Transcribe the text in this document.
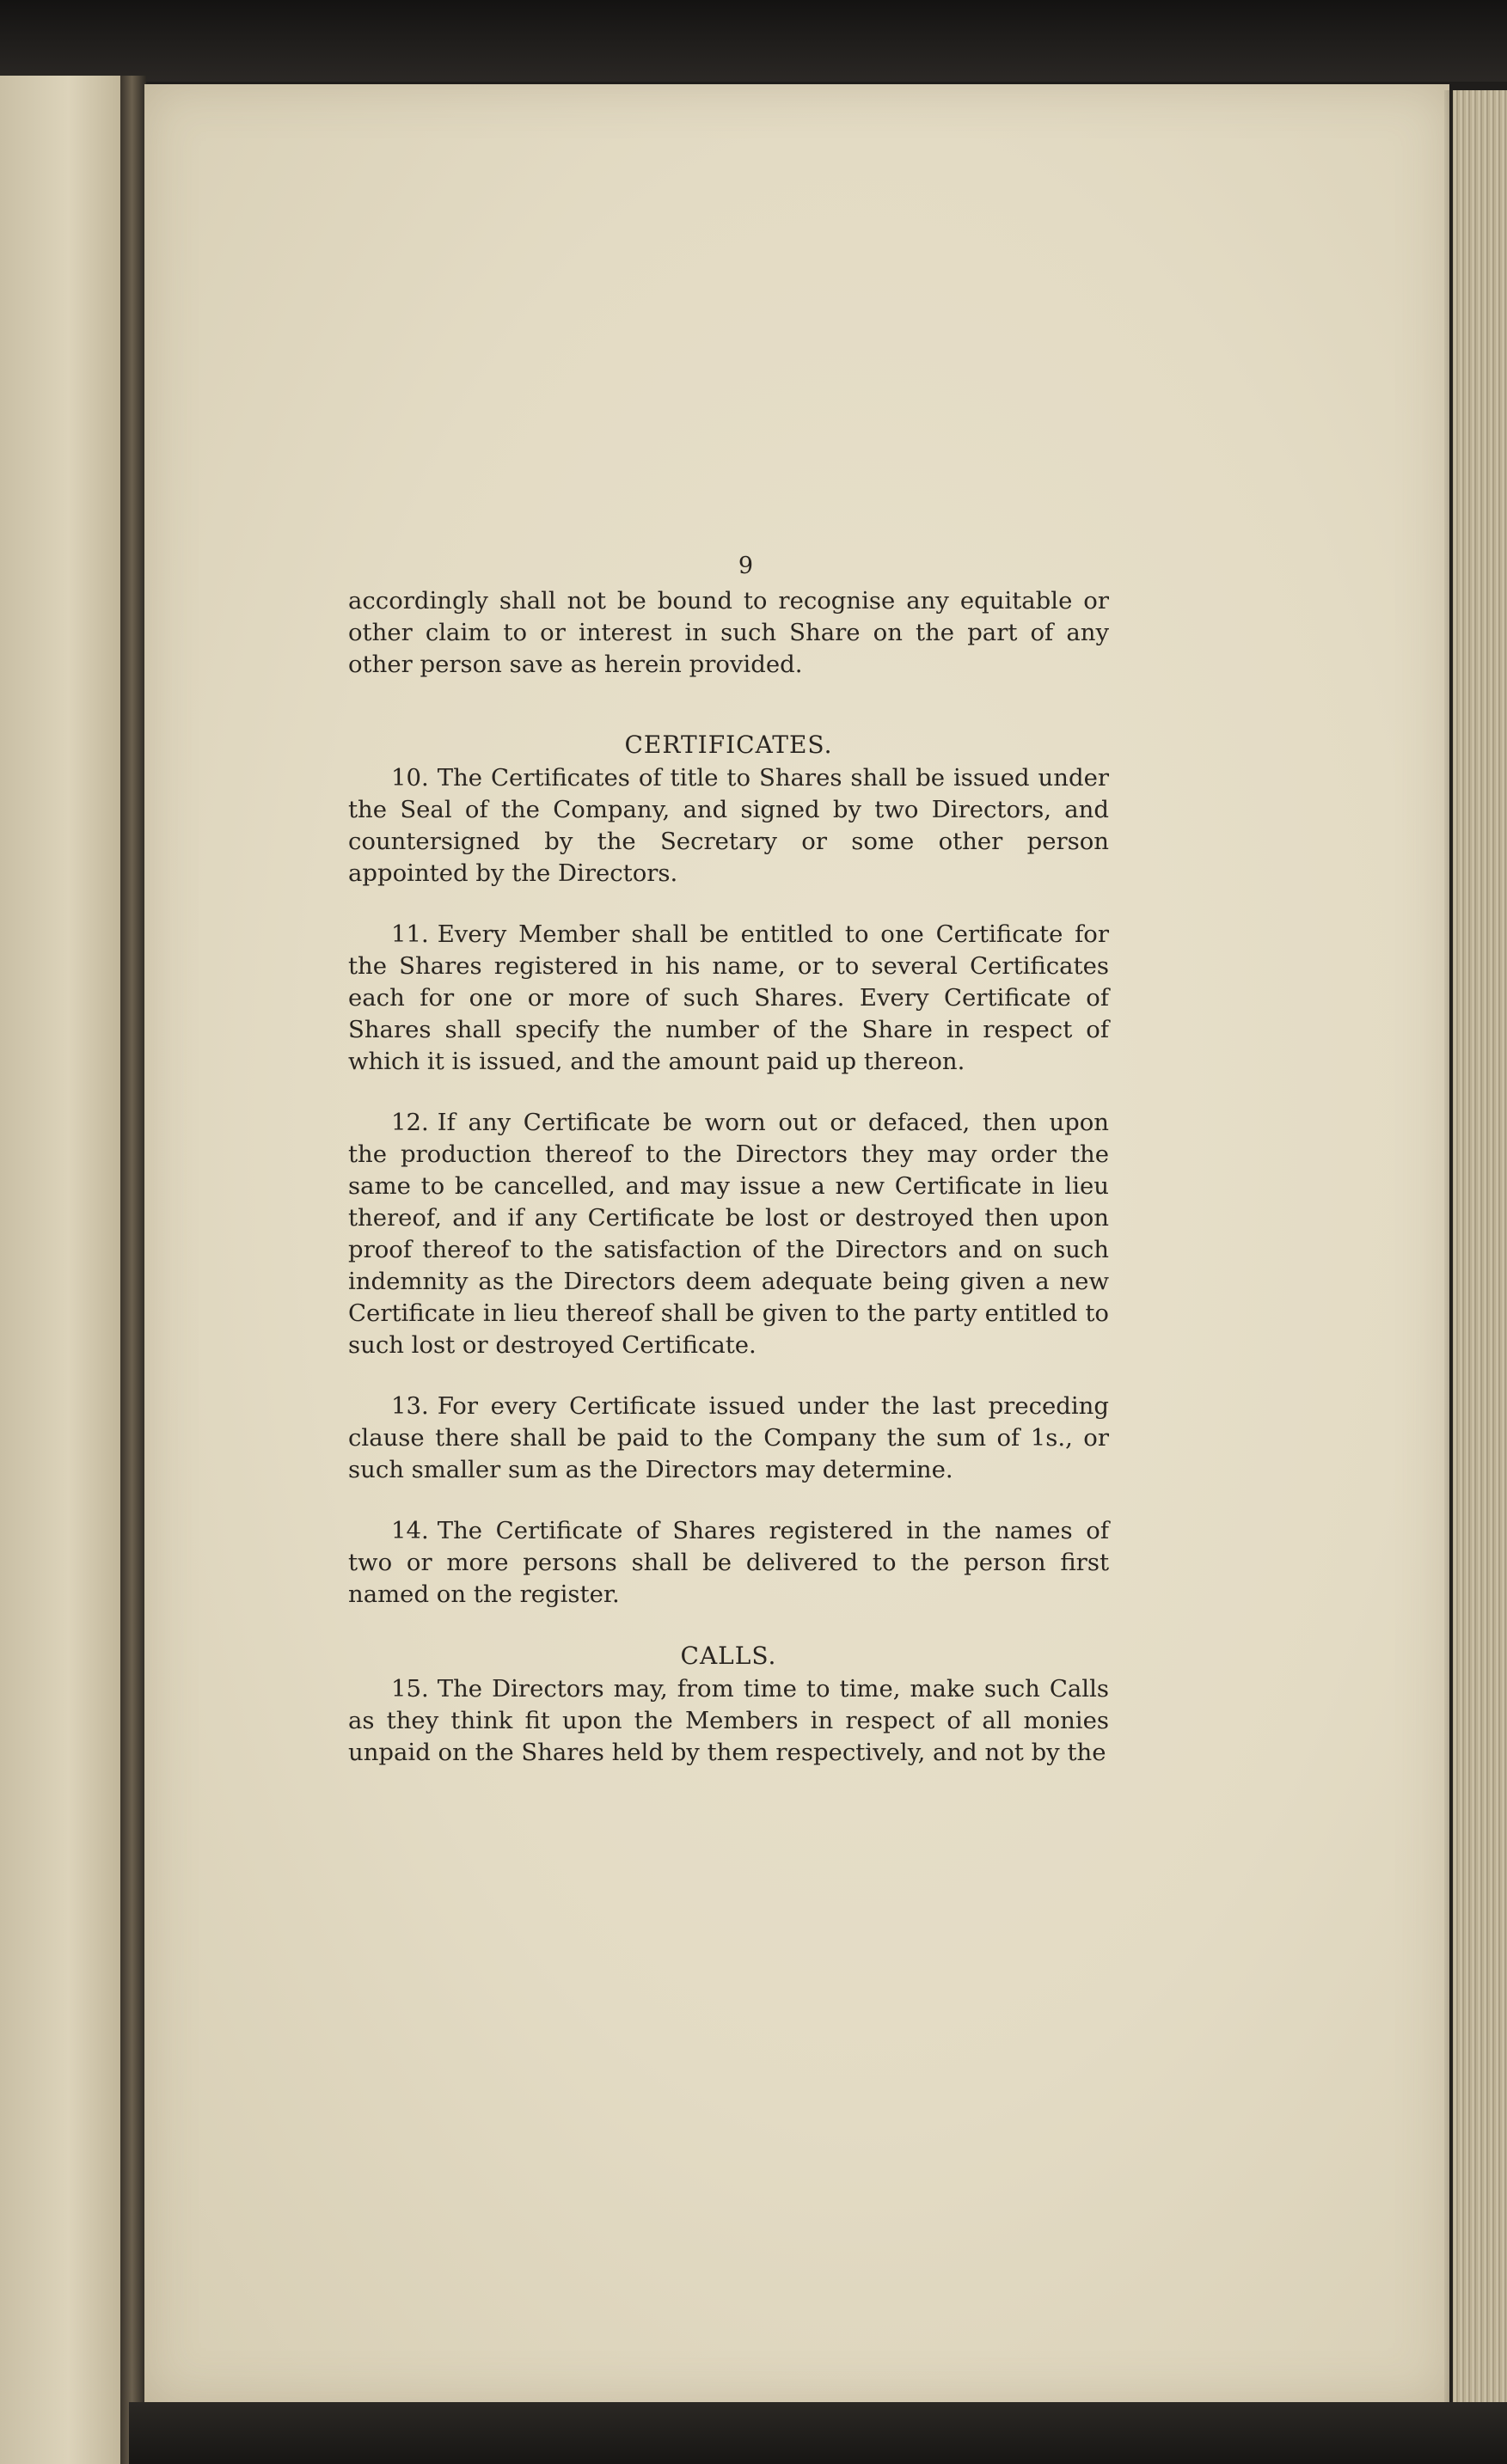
9

accordingly shall not be bound to recognise any equitable or other claim to or interest in such Share on the part of any other person save as herein provided.

CERTIFICATES.

10. The Certificates of title to Shares shall be issued under the Seal of the Company, and signed by two Directors, and countersigned by the Secretary or some other person appointed by the Directors.

11. Every Member shall be entitled to one Certificate for the Shares registered in his name, or to several Certificates each for one or more of such Shares. Every Certificate of Shares shall specify the number of the Share in respect of which it is issued, and the amount paid up thereon.

12. If any Certificate be worn out or defaced, then upon the production thereof to the Directors they may order the same to be cancelled, and may issue a new Certificate in lieu thereof, and if any Certificate be lost or destroyed then upon proof thereof to the satisfaction of the Directors and on such indemnity as the Directors deem adequate being given a new Certificate in lieu thereof shall be given to the party entitled to such lost or destroyed Certificate.

13. For every Certificate issued under the last preceding clause there shall be paid to the Company the sum of 1s., or such smaller sum as the Directors may determine.

14. The Certificate of Shares registered in the names of two or more persons shall be delivered to the person first named on the register.

CALLS.

15. The Directors may, from time to time, make such Calls as they think fit upon the Members in respect of all monies unpaid on the Shares held by them respectively, and not by the
